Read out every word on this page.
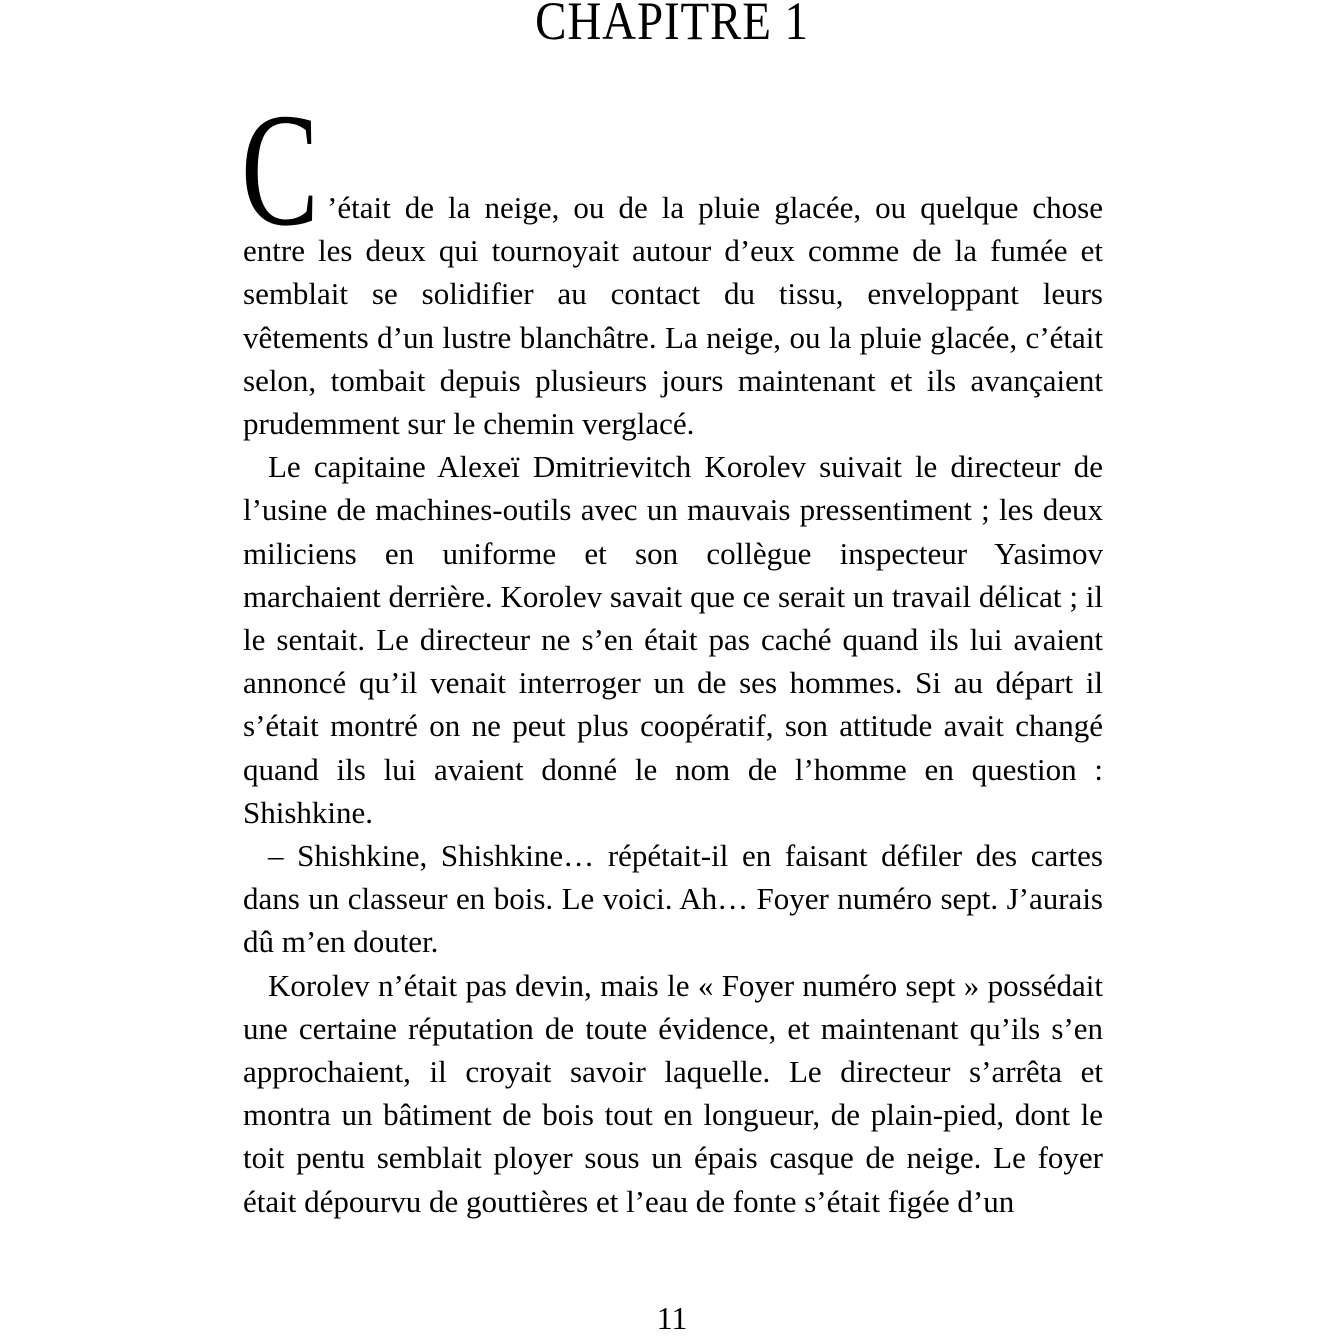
CHAPITRE 1
C ’était de la neige, ou de la pluie glacée, ou quelque chose entre les deux qui tournoyait autour d’eux comme de la fumée et semblait se solidifier au contact du tissu, enveloppant leurs vêtements d’un lustre blanchâtre. La neige, ou la pluie glacée, c’était selon, tombait depuis plusieurs jours maintenant et ils avançaient prudemment sur le chemin verglacé.

Le capitaine Alexeï Dmitrievitch Korolev suivait le directeur de l’usine de machines-outils avec un mauvais pressentiment ; les deux miliciens en uniforme et son collègue inspecteur Yasimov marchaient derrière. Korolev savait que ce serait un travail délicat ; il le sentait. Le directeur ne s’en était pas caché quand ils lui avaient annoncé qu’il venait interroger un de ses hommes. Si au départ il s’était montré on ne peut plus coopératif, son attitude avait changé quand ils lui avaient donné le nom de l’homme en question : Shishkine.

– Shishkine, Shishkine… répétait-il en faisant défiler des cartes dans un classeur en bois. Le voici. Ah… Foyer numéro sept. J’aurais dû m’en douter.

Korolev n’était pas devin, mais le « Foyer numéro sept » possédait une certaine réputation de toute évidence, et maintenant qu’ils s’en approchaient, il croyait savoir laquelle. Le directeur s’arrêta et montra un bâtiment de bois tout en longueur, de plain-pied, dont le toit pentu semblait ployer sous un épais casque de neige. Le foyer était dépourvu de gouttières et l’eau de fonte s’était figée d’un

11
